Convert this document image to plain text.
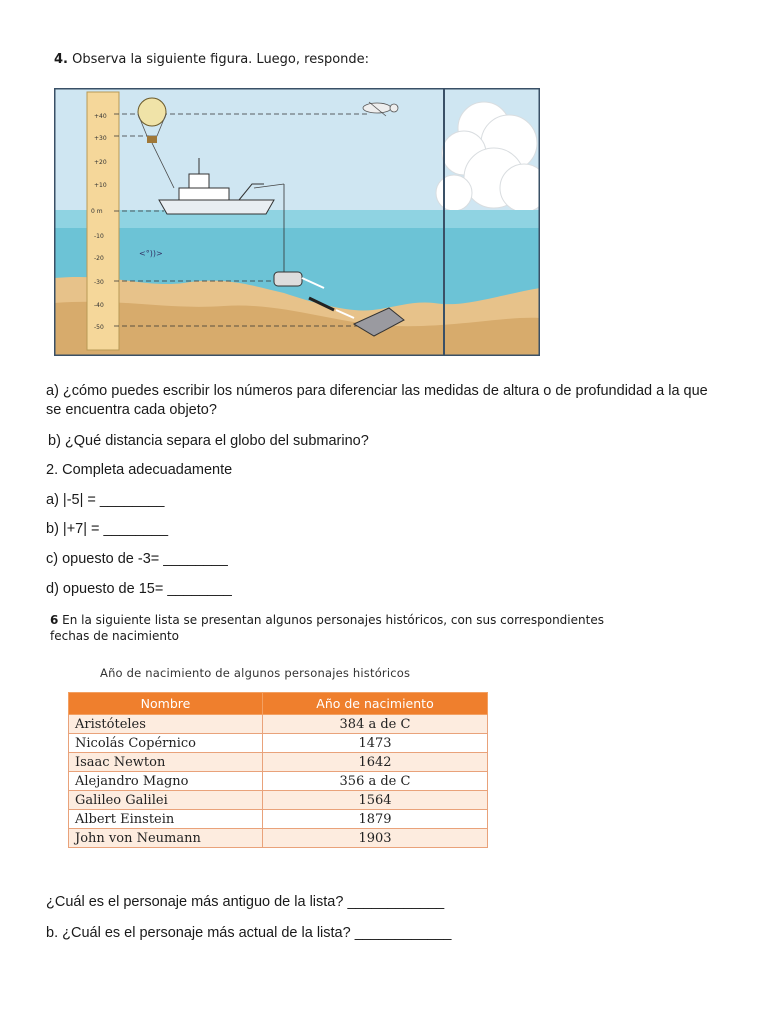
4. Observa la siguiente figura. Luego, responde:
+40
+30
+20
+10
0 m
-10
-20
-30
-40
-50
<°))>
a) ¿cómo puedes escribir los números para diferenciar las medidas de altura o de profundidad a la que se encuentra cada objeto?
b) ¿Qué distancia separa el globo del submarino?
2. Completa adecuadamente
a) |-5| = ________
b) |+7| = ________
c) opuesto de -3= ________
d) opuesto de 15= ________
6 En la siguiente lista se presentan algunos personajes históricos, con sus correspondientes fechas de nacimiento
Año de nacimiento de algunos personajes históricos
Nombre	Año de nacimiento
Aristóteles	384 a de C
Nicolás Copérnico	1473
Isaac Newton	1642
Alejandro Magno	356 a de C
Galileo Galilei	1564
Albert Einstein	1879
John von Neumann	1903
¿Cuál es el personaje más antiguo de la lista? ____________
b. ¿Cuál es el personaje más actual de la lista? ____________
